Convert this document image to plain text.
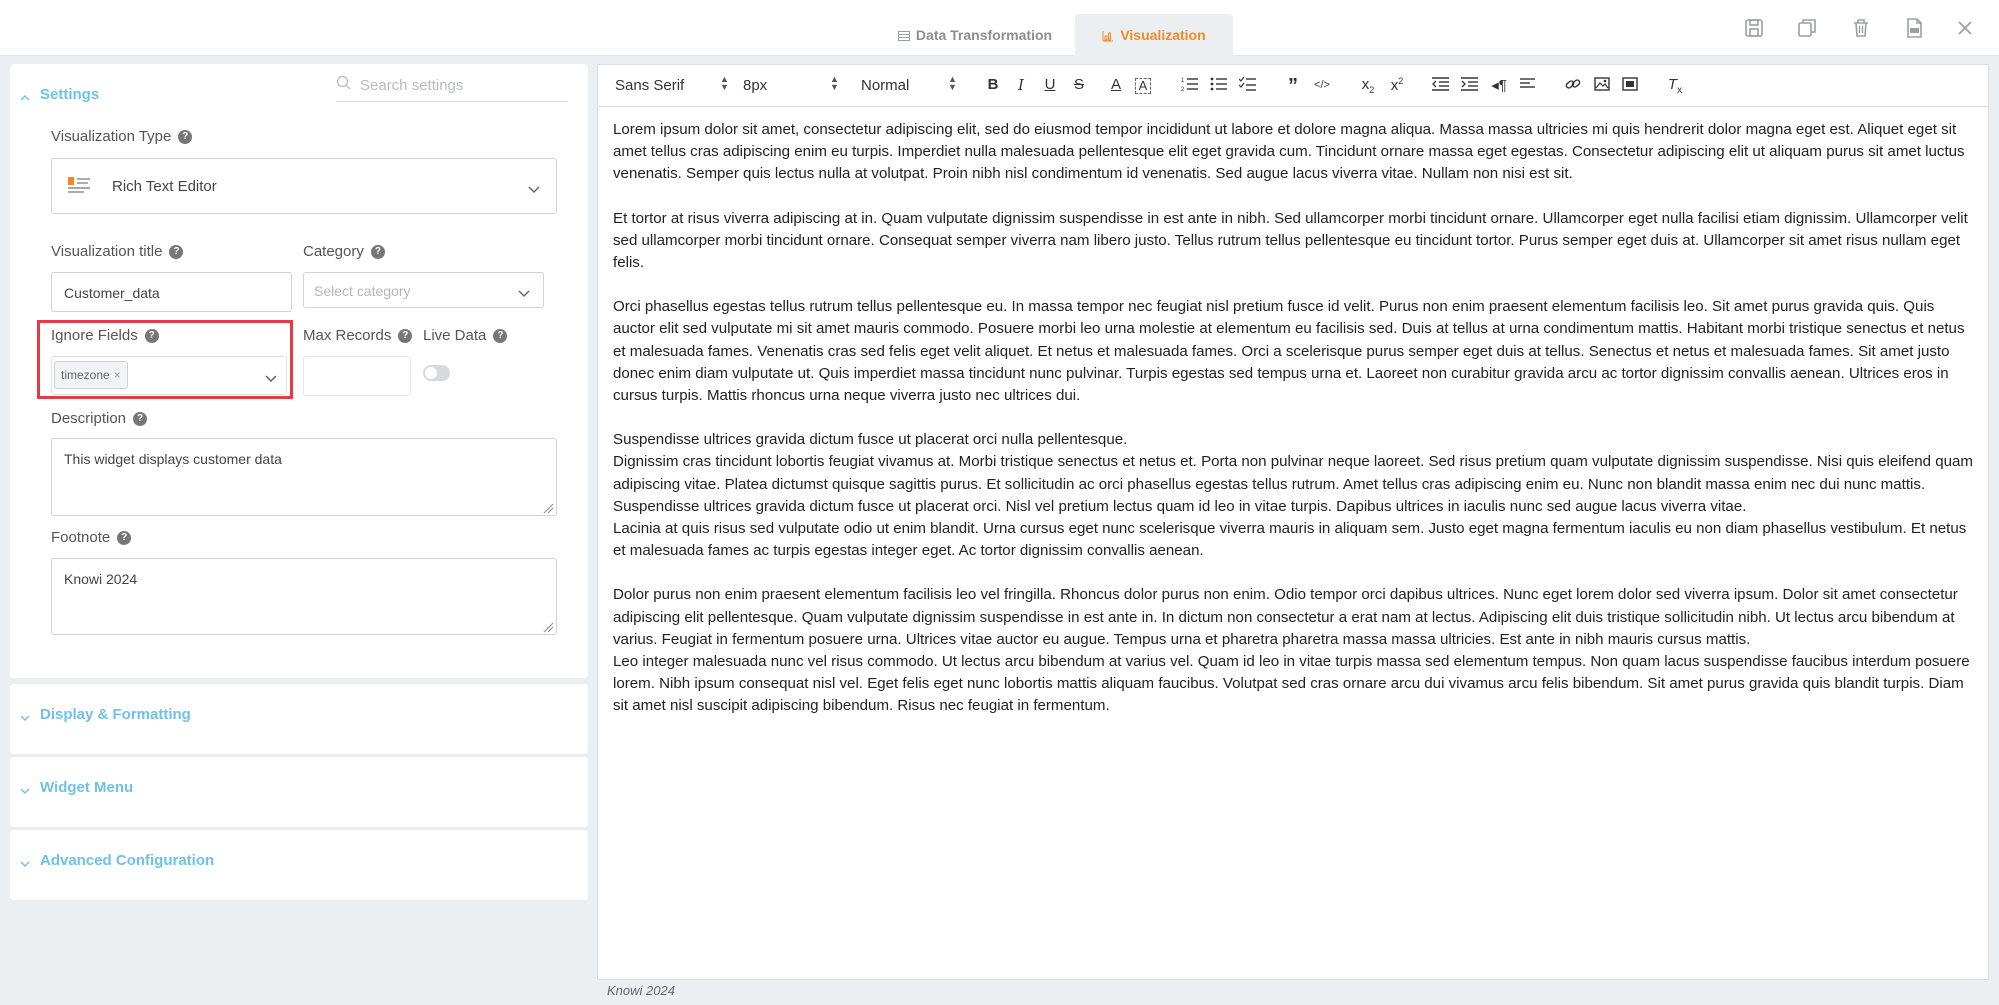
Data Transformation	Visualization
Settings
Search settings
Visualization Type	?
Rich Text Editor
Visualization title	?
Customer_data
Category	?
Select category
Ignore Fields	?
timezone ×
Max Records	? Live Data	?
Description	?
This widget displays customer data
Footnote	?
Knowi 2024
Display & Formatting
Widget Menu
Advanced Configuration
Sans Serif	▲
▼ 8px	▲
▼ Normal	▲
▼	B	I	U	S	A	A	1
2	”	</> $x_2$ $x^2$	◂¶	$T_x$

Lorem ipsum dolor sit amet, consectetur adipiscing elit, sed do eiusmod tempor incididunt ut labore et dolore magna aliqua. Massa massa ultricies mi quis hendrerit dolor magna eget est. Aliquet eget sit amet tellus cras adipiscing enim eu turpis. Imperdiet nulla malesuada pellentesque elit eget gravida cum. Tincidunt ornare massa eget egestas. Consectetur adipiscing elit ut aliquam purus sit amet luctus venenatis. Semper quis lectus nulla at volutpat. Proin nibh nisl condimentum id venenatis. Sed augue lacus viverra vitae. Nullam non nisi est sit.

Et tortor at risus viverra adipiscing at in. Quam vulputate dignissim suspendisse in est ante in nibh. Sed ullamcorper morbi tincidunt ornare. Ullamcorper eget nulla facilisi etiam dignissim. Ullamcorper velit sed ullamcorper morbi tincidunt ornare. Consequat semper viverra nam libero justo. Tellus rutrum tellus pellentesque eu tincidunt tortor. Purus semper eget duis at. Ullamcorper sit amet risus nullam eget felis.

Orci phasellus egestas tellus rutrum tellus pellentesque eu. In massa tempor nec feugiat nisl pretium fusce id velit. Purus non enim praesent elementum facilisis leo. Sit amet purus gravida quis. Quis auctor elit sed vulputate mi sit amet mauris commodo. Posuere morbi leo urna molestie at elementum eu facilisis sed. Duis at tellus at urna condimentum mattis. Habitant morbi tristique senectus et netus et malesuada fames. Venenatis cras sed felis eget velit aliquet. Et netus et malesuada fames. Orci a scelerisque purus semper eget duis at tellus. Senectus et netus et malesuada fames. Sit amet justo donec enim diam vulputate ut. Quis imperdiet massa tincidunt nunc pulvinar. Turpis egestas sed tempus urna et. Laoreet non curabitur gravida arcu ac tortor dignissim convallis aenean. Ultrices eros in cursus turpis. Mattis rhoncus urna neque viverra justo nec ultrices dui.

Suspendisse ultrices gravida dictum fusce ut placerat orci nulla pellentesque.

Dignissim cras tincidunt lobortis feugiat vivamus at. Morbi tristique senectus et netus et. Porta non pulvinar neque laoreet. Sed risus pretium quam vulputate dignissim suspendisse. Nisi quis eleifend quam adipiscing vitae. Platea dictumst quisque sagittis purus. Et sollicitudin ac orci phasellus egestas tellus rutrum. Amet tellus cras adipiscing enim eu. Nunc non blandit massa enim nec dui nunc mattis. Suspendisse ultrices gravida dictum fusce ut placerat orci. Nisl vel pretium lectus quam id leo in vitae turpis. Dapibus ultrices in iaculis nunc sed augue lacus viverra vitae.

Lacinia at quis risus sed vulputate odio ut enim blandit. Urna cursus eget nunc scelerisque viverra mauris in aliquam sem. Justo eget magna fermentum iaculis eu non diam phasellus vestibulum. Et netus et malesuada fames ac turpis egestas integer eget. Ac tortor dignissim convallis aenean.

Dolor purus non enim praesent elementum facilisis leo vel fringilla. Rhoncus dolor purus non enim. Odio tempor orci dapibus ultrices. Nunc eget lorem dolor sed viverra ipsum. Dolor sit amet consectetur adipiscing elit pellentesque. Quam vulputate dignissim suspendisse in est ante in. In dictum non consectetur a erat nam at lectus. Adipiscing elit duis tristique sollicitudin nibh. Ut lectus arcu bibendum at varius. Feugiat in fermentum posuere urna. Ultrices vitae auctor eu augue. Tempus urna et pharetra pharetra massa massa ultricies. Est ante in nibh mauris cursus mattis.

Leo integer malesuada nunc vel risus commodo. Ut lectus arcu bibendum at varius vel. Quam id leo in vitae turpis massa sed elementum tempus. Non quam lacus suspendisse faucibus interdum posuere lorem. Nibh ipsum consequat nisl vel. Eget felis eget nunc lobortis mattis aliquam faucibus. Volutpat sed cras ornare arcu dui vivamus arcu felis bibendum. Sit amet purus gravida quis blandit turpis. Diam sit amet nisl suscipit adipiscing bibendum. Risus nec feugiat in fermentum.

Knowi 2024
